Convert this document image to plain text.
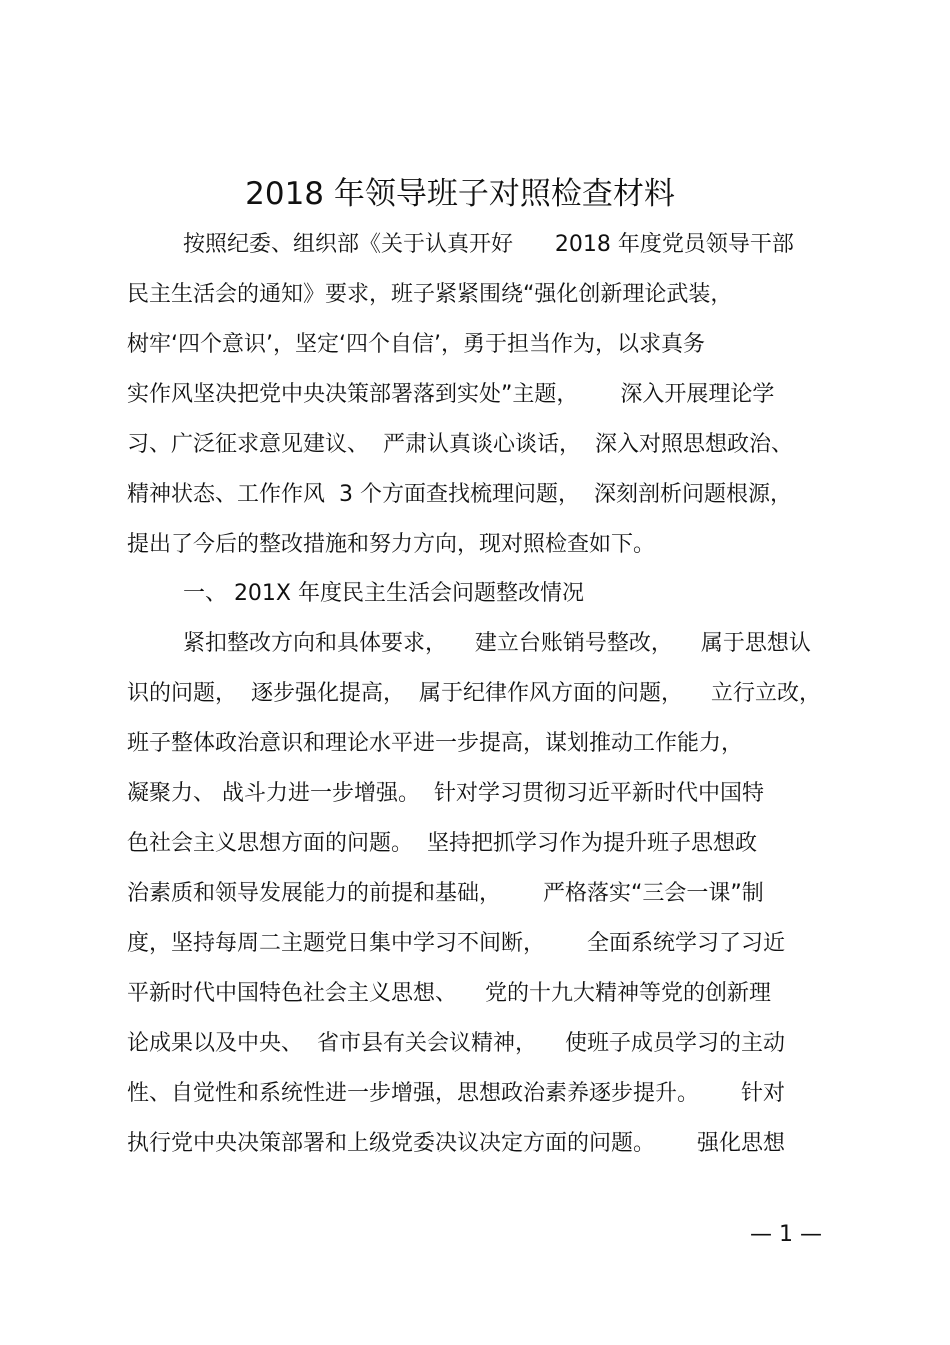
2018 年领导班子对照检查材料
按照纪委、组织部《关于认真开好      2018 年度党员领导干部
民主生活会的通知》要求，班子紧紧围绕“强化创新理论武装，
树牢‘四个意识’，坚定‘四个自信’，勇于担当作为，以求真务
实作风坚决把党中央决策部署落到实处”主题，      深入开展理论学
习、广泛征求意见建议、  严肃认真谈心谈话，  深入对照思想政治、
精神状态、工作作风  3 个方面查找梳理问题，  深刻剖析问题根源，
提出了今后的整改措施和努力方向，现对照检查如下。
一、 201X 年度民主生活会问题整改情况
紧扣整改方向和具体要求，    建立台账销号整改，    属于思想认
识的问题，  逐步强化提高，  属于纪律作风方面的问题，    立行立改，
班子整体政治意识和理论水平进一步提高，谋划推动工作能力，
凝聚力、 战斗力进一步增强。  针对学习贯彻习近平新时代中国特
色社会主义思想方面的问题。  坚持把抓学习作为提升班子思想政
治素质和领导发展能力的前提和基础，      严格落实“三会一课”制
度，坚持每周二主题党日集中学习不间断，      全面系统学习了习近
平新时代中国特色社会主义思想、    党的十九大精神等党的创新理
论成果以及中央、  省市县有关会议精神，    使班子成员学习的主动
性、自觉性和系统性进一步增强，思想政治素养逐步提升。      针对
执行党中央决策部署和上级党委决议决定方面的问题。      强化思想
— 1 —
